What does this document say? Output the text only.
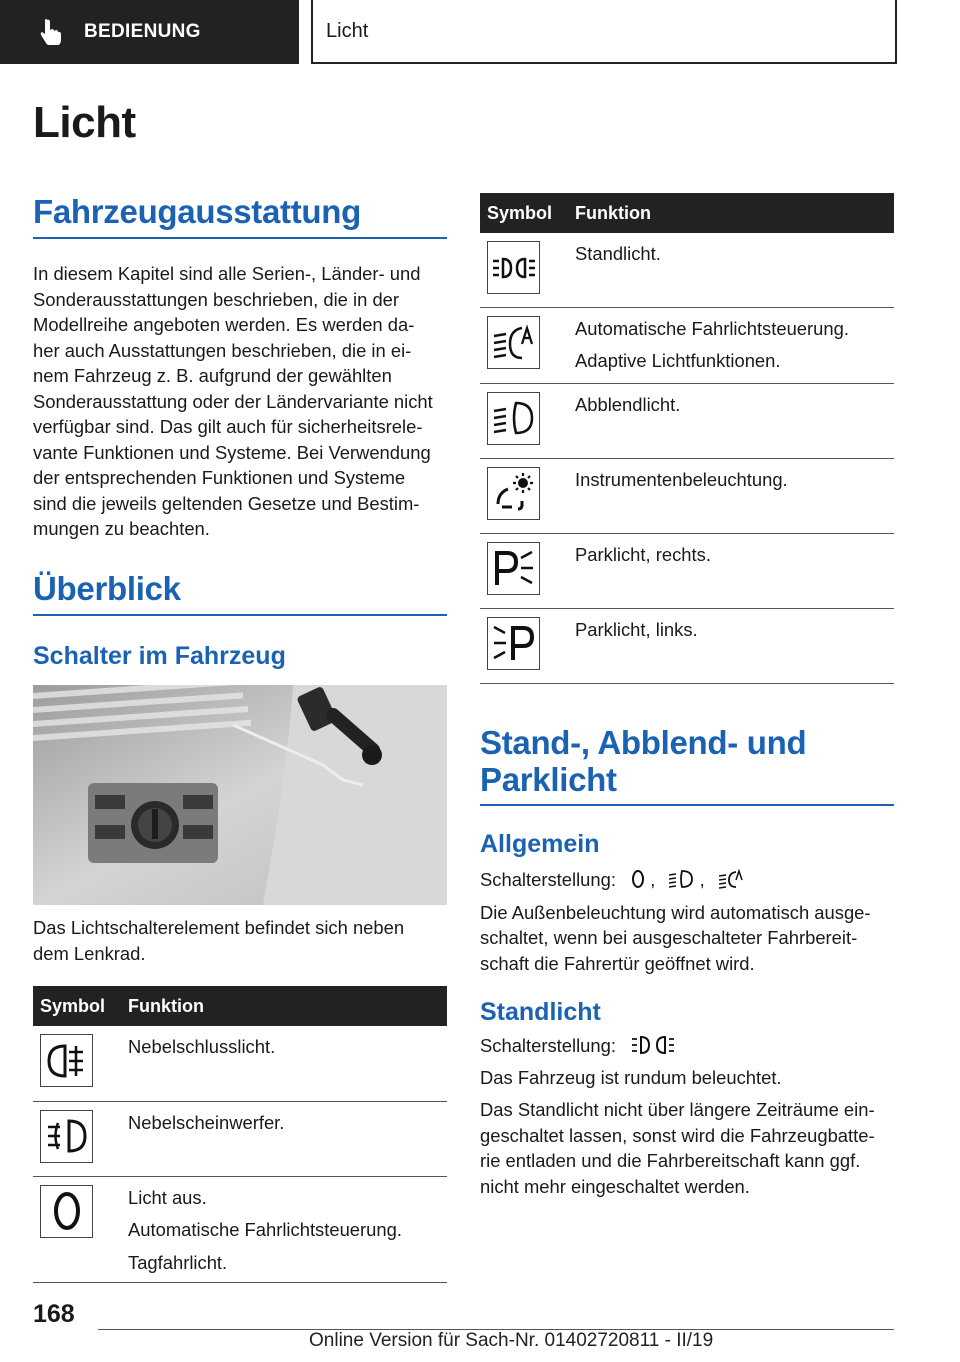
BEDIENUNG	Licht
Licht
Fahrzeugausstattung

In diesem Kapitel sind alle Serien-, Länder- und

Sonderausstattungen beschrieben, die in der

Modellreihe angeboten werden. Es werden da-

her auch Ausstattungen beschrieben, die in ei-

nem Fahrzeug z. B. aufgrund der gewählten

Sonderausstattung oder der Ländervariante nicht

verfügbar sind. Das gilt auch für sicherheitsrele-

vante Funktionen und Systeme. Bei Verwendung

der entsprechenden Funktionen und Systeme

sind die jeweils geltenden Gesetze und Bestim-

mungen zu beachten.

Überblick
Schalter im Fahrzeug

Das Lichtschalterelement befindet sich neben

dem Lenkrad.

Symbol	Funktion

Nebelschlusslicht.

Nebelscheinwerfer.

Licht aus.
Automatische Fahrlichtsteuerung.
Tagfahrlicht.
Symbol	Funktion

Standlicht.

Automatische Fahrlichtsteuerung.
Adaptive Lichtfunktionen.

Abblendlicht.

Instrumentenbeleuchtung.

Parklicht, rechts.

Parklicht, links.
Stand-, Abblend- und
Parklicht
Allgemein

Schalterstellung: , ,

Die Außenbeleuchtung wird automatisch ausge-

schaltet, wenn bei ausgeschalteter Fahrbereit-

schaft die Fahrertür geöffnet wird.

Standlicht

Schalterstellung:

Das Fahrzeug ist rundum beleuchtet.

Das Standlicht nicht über längere Zeiträume ein-

geschaltet lassen, sonst wird die Fahrzeugbatte-

rie entladen und die Fahrbereitschaft kann ggf.

nicht mehr eingeschaltet werden.

168
Online Version für Sach-Nr. 01402720811 - II/19
